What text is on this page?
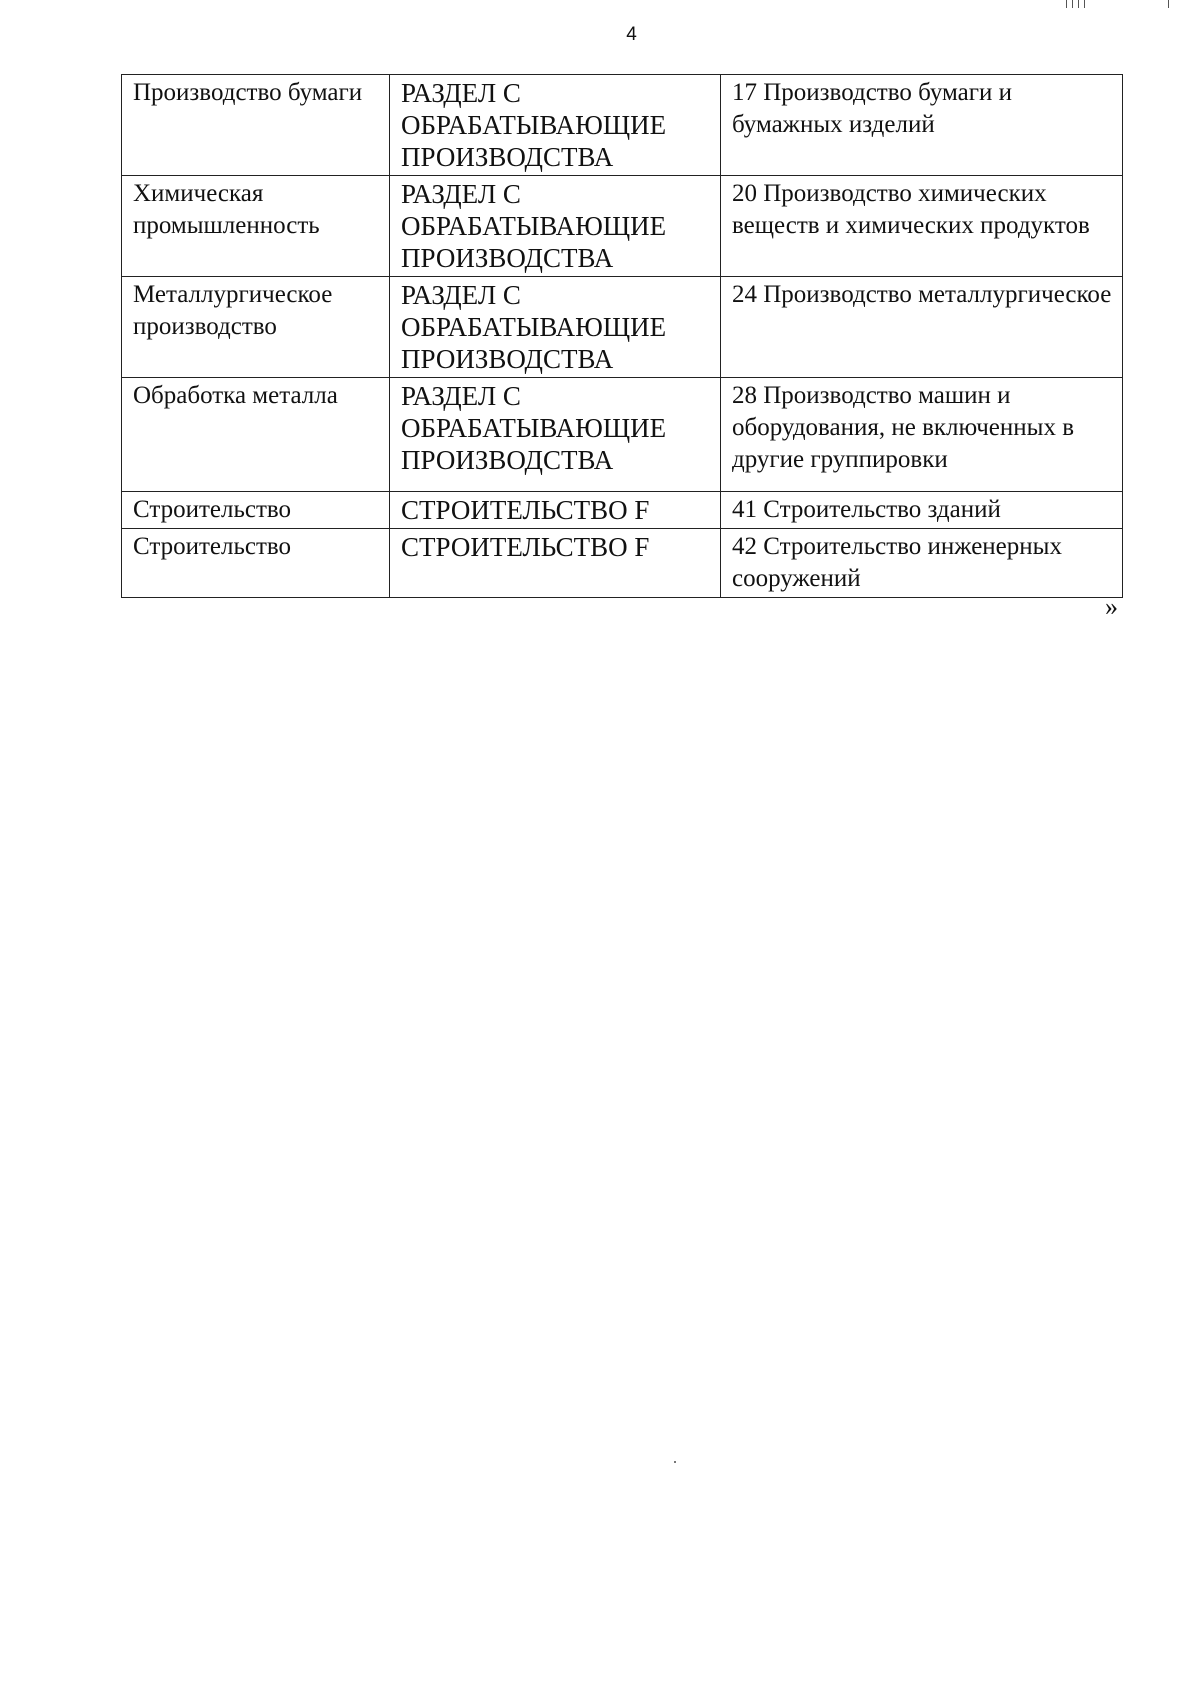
4
Производство бумаги	РАЗДЕЛ С ОБРАБАТЫВАЮЩИЕ ПРОИЗВОДСТВА	17 Производство бумаги и бумажных изделий
Химическая промышленность	РАЗДЕЛ С ОБРАБАТЫВАЮЩИЕ ПРОИЗВОДСТВА	20 Производство химических веществ и химических продуктов
Металлургическое производство	РАЗДЕЛ С ОБРАБАТЫВАЮЩИЕ ПРОИЗВОДСТВА	24 Производство металлургическое
Обработка металла	РАЗДЕЛ С ОБРАБАТЫВАЮЩИЕ ПРОИЗВОДСТВА	28 Производство машин и оборудования, не включенных в другие группировки
Строительство	СТРОИТЕЛЬСТВО F	41 Строительство зданий
Строительство	СТРОИТЕЛЬСТВО F	42 Строительство инженерных сооружений
»
